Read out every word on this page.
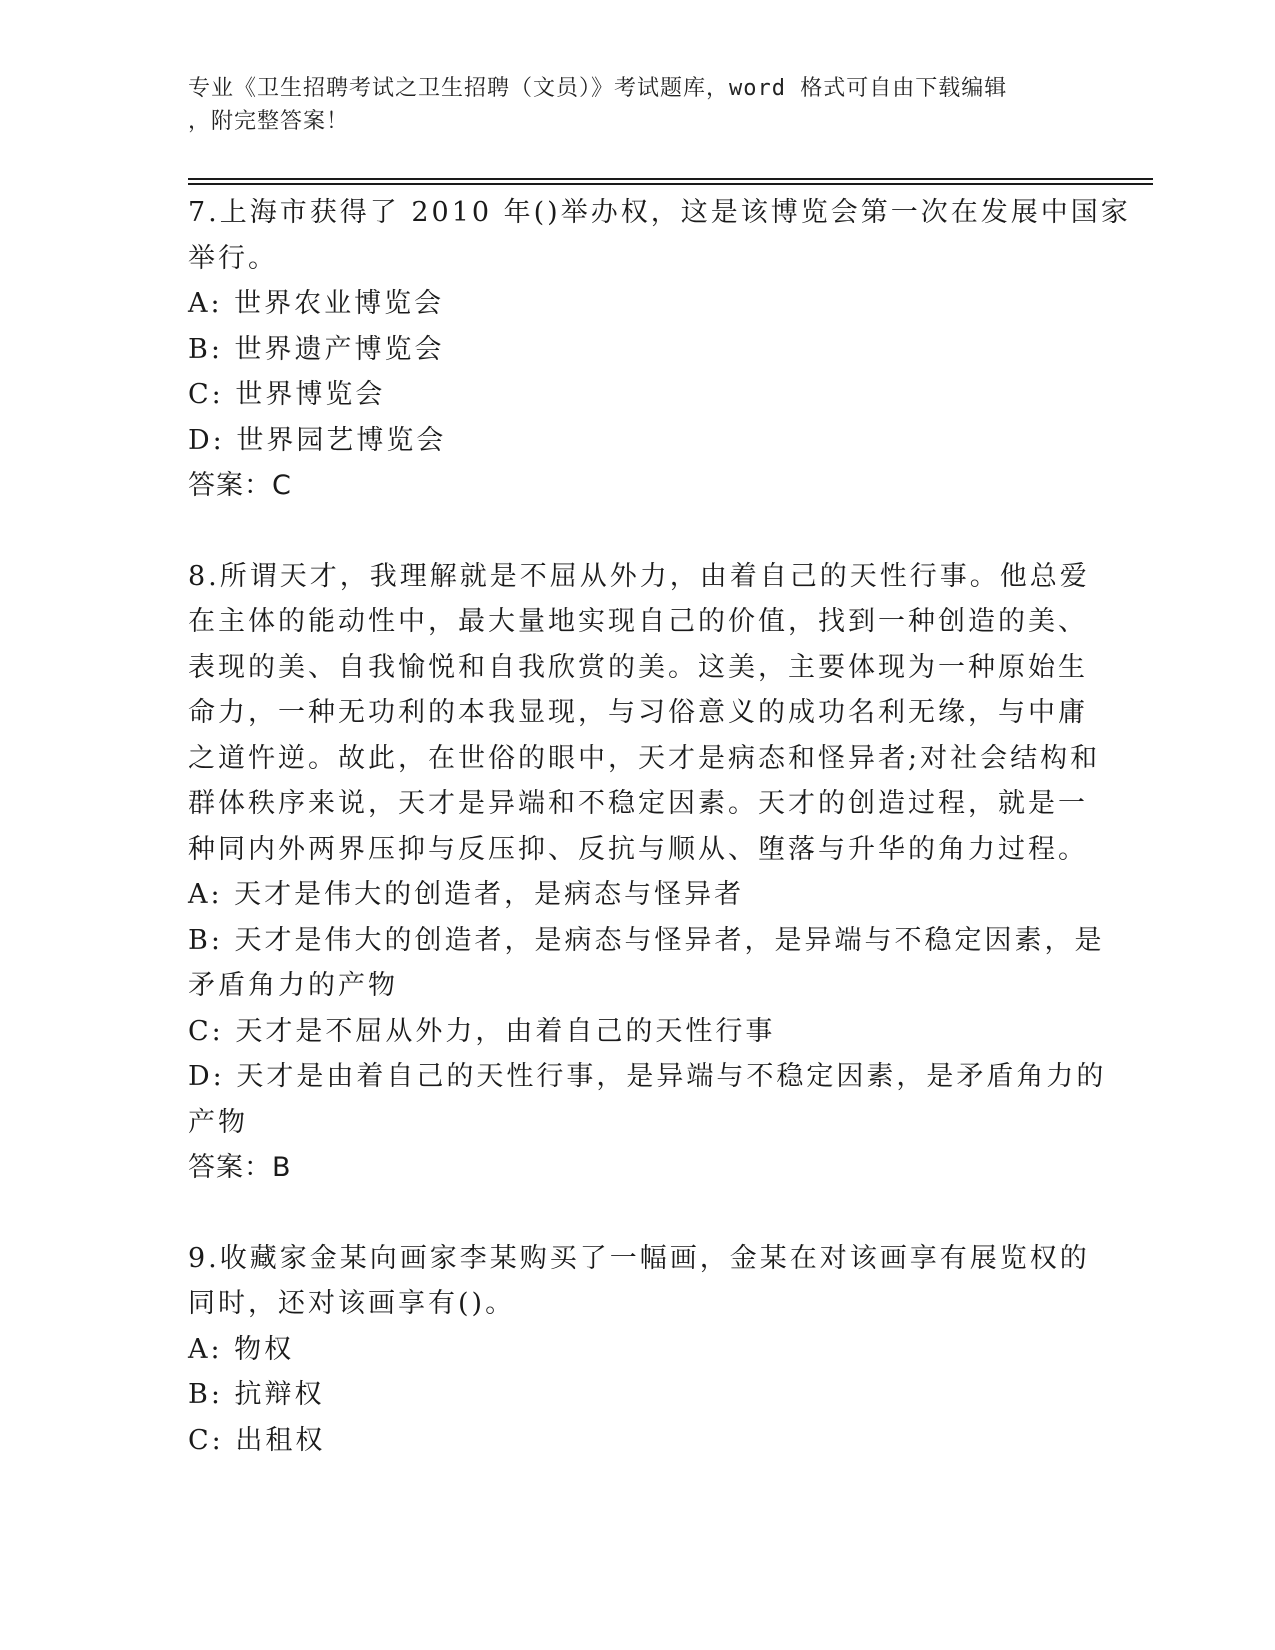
专业《卫生招聘考试之卫生招聘（文员）》考试题库，word 格式可自由下载编辑
，附完整答案！
7.上海市获得了 2010 年()举办权，这是该博览会第一次在发展中国家
举行。
A: 世界农业博览会
B: 世界遗产博览会
C: 世界博览会
D: 世界园艺博览会
答案：C
8.所谓天才，我理解就是不屈从外力，由着自己的天性行事。他总爱
在主体的能动性中，最大量地实现自己的价值，找到一种创造的美、
表现的美、自我愉悦和自我欣赏的美。这美，主要体现为一种原始生
命力，一种无功利的本我显现，与习俗意义的成功名利无缘，与中庸
之道忤逆。故此，在世俗的眼中，天才是病态和怪异者;对社会结构和
群体秩序来说，天才是异端和不稳定因素。天才的创造过程，就是一
种同内外两界压抑与反压抑、反抗与顺从、堕落与升华的角力过程。
A: 天才是伟大的创造者，是病态与怪异者
B: 天才是伟大的创造者，是病态与怪异者，是异端与不稳定因素，是
矛盾角力的产物
C: 天才是不屈从外力，由着自己的天性行事
D: 天才是由着自己的天性行事，是异端与不稳定因素，是矛盾角力的
产物
答案：B
9.收藏家金某向画家李某购买了一幅画，金某在对该画享有展览权的
同时，还对该画享有()。
A: 物权
B: 抗辩权
C: 出租权
